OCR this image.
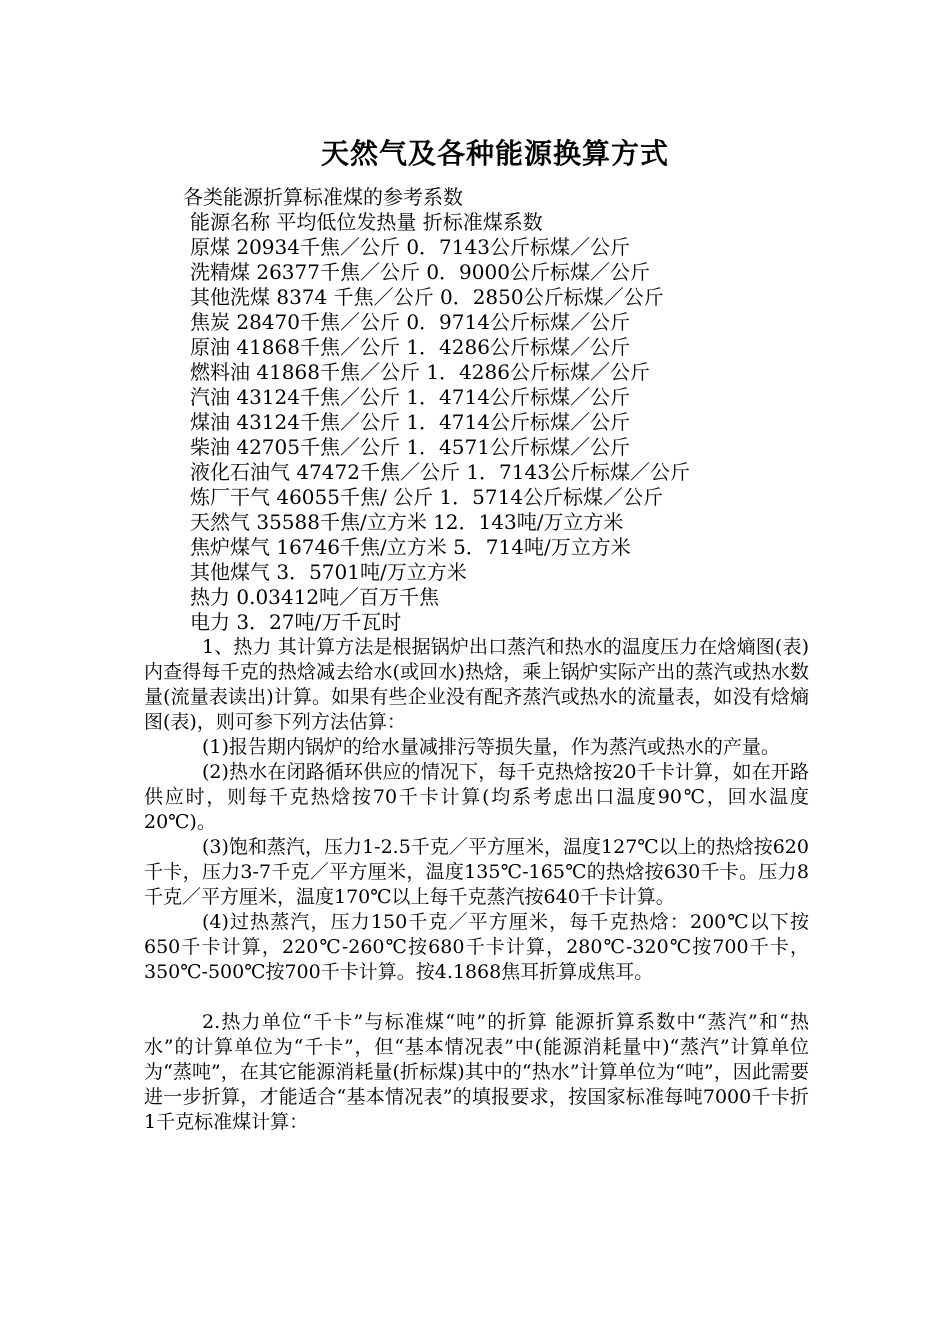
天然气及各种能源换算方式
各类能源折算标准煤的参考系数
能源名称 平均低位发热量 折标准煤系数
原煤 20934千焦／公斤 0．7143公斤标煤／公斤
洗精煤 26377千焦／公斤 0．9000公斤标煤／公斤
其他洗煤 8374 千焦／公斤 0．2850公斤标煤／公斤
焦炭 28470千焦／公斤 0．9714公斤标煤／公斤
原油 41868千焦／公斤 1．4286公斤标煤／公斤
燃料油 41868千焦／公斤 1．4286公斤标煤／公斤
汽油 43124千焦／公斤 1．4714公斤标煤／公斤
煤油 43124千焦／公斤 1．4714公斤标煤／公斤
柴油 42705千焦／公斤 1．4571公斤标煤／公斤
液化石油气 47472千焦／公斤 1．7143公斤标煤／公斤
炼厂干气 46055千焦/ 公斤 1．5714公斤标煤／公斤
天然气 35588千焦/立方米 12．143吨/万立方米
焦炉煤气 16746千焦/立方米 5．714吨/万立方米
其他煤气 3．5701吨/万立方米
热力 0.03412吨／百万千焦
电力 3．27吨/万千瓦时

1、热力 其计算方法是根据锅炉出口蒸汽和热水的温度压力在焓熵图(表)内查得每千克的热焓减去给水(或回水)热焓，乘上锅炉实际产出的蒸汽或热水数量(流量表读出)计算。如果有些企业没有配齐蒸汽或热水的流量表，如没有焓熵图(表)，则可参下列方法估算：

(1)报告期内锅炉的给水量减排污等损失量，作为蒸汽或热水的产量。

(2)热水在闭路循环供应的情况下，每千克热焓按20千卡计算，如在开路供应时，则每千克热焓按70千卡计算(均系考虑出口温度90℃，回水温度20℃)。

(3)饱和蒸汽，压力1-2.5千克／平方厘米，温度127℃以上的热焓按620千卡，压力3-7千克／平方厘米，温度135℃-165℃的热焓按630千卡。压力8千克／平方厘米，温度170℃以上每千克蒸汽按640千卡计算。

(4)过热蒸汽，压力150千克／平方厘米，每千克热焓：200℃以下按650千卡计算，220℃-260℃按680千卡计算，280℃-320℃按700千卡，350℃-500℃按700千卡计算。按4.1868焦耳折算成焦耳。

2.热力单位“千卡”与标准煤“吨”的折算 能源折算系数中“蒸汽”和“热水”的计算单位为“千卡”，但“基本情况表”中(能源消耗量中)“蒸汽”计算单位为“蒸吨”，在其它能源消耗量(折标煤)其中的“热水”计算单位为“吨”，因此需要进一步折算，才能适合“基本情况表”的填报要求，按国家标准每吨7000千卡折1千克标准煤计算：
